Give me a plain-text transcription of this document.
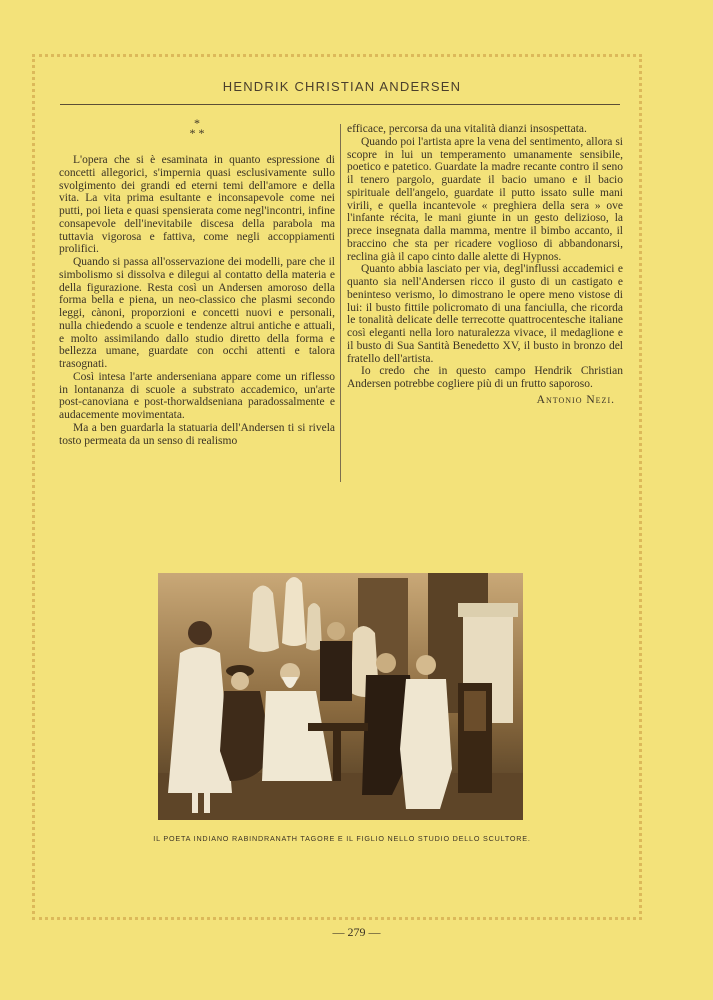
HENDRIK CHRISTIAN ANDERSEN
*
* *

L'opera che si è esaminata in quanto espressione di concetti allegorici, s'impernia quasi esclusivamente sullo svolgimento dei grandi ed eterni temi dell'amore e della vita. La vita prima esultante e inconsapevole come nei putti, poi lieta e quasi spensierata come negl'incontri, infine consapevole dell'inevitabile discesa della parabola ma tuttavia vigorosa e fattiva, come negli accoppiamenti prolifici.

Quando si passa all'osservazione dei modelli, pare che il simbolismo si dissolva e dilegui al contatto della materia e della figurazione. Resta così un Andersen amoroso della forma bella e piena, un neo-classico che plasmi secondo leggi, cànoni, proporzioni e concetti nuovi e personali, nulla chiedendo a scuole e tendenze altrui antiche e attuali, e molto assimilando dallo studio diretto della forma e bellezza umane, guardate con occhi attenti e talora trasognati.

Così intesa l'arte anderseniana appare come un riflesso in lontananza di scuole a substrato accademico, un'arte post-canoviana e post-thorwaldseniana paradossalmente e audacemente movimentata.

Ma a ben guardarla la statuaria dell'Andersen ti si rivela tosto permeata da un senso di realismo

efficace, percorsa da una vitalità dianzi insospettata.

Quando poi l'artista apre la vena del sentimento, allora si scopre in lui un temperamento umanamente sensibile, poetico e patetico. Guardate la madre recante contro il seno il tenero pargolo, guardate il bacio umano e il bacio spirituale dell'angelo, guardate il putto issato sulle mani virili, e quella incantevole « preghiera della sera » ove l'infante récita, le mani giunte in un gesto delizioso, la prece insegnata dalla mamma, mentre il bimbo accanto, il braccino che sta per ricadere voglioso di abbandonarsi, reclina già il capo cinto dalle alette di Hypnos.

Quanto abbia lasciato per via, degl'influssi accademici e quanto sia nell'Andersen ricco il gusto di un castigato e beninteso verismo, lo dimostrano le opere meno vistose di lui: il busto fittile policromato di una fanciulla, che ricorda le tonalità delicate delle terrecotte quattrocentesche italiane così eleganti nella loro naturalezza vivace, il medaglione e il busto di Sua Santità Benedetto XV, il busto in bronzo del fratello dell'artista.

Io credo che in questo campo Hendrik Christian Andersen potrebbe cogliere più di un frutto saporoso.

Antonio Nezi.
IL POETA INDIANO RABINDRANATH TAGORE E IL FIGLIO NELLO STUDIO DELLO SCULTORE.
— 279 —
